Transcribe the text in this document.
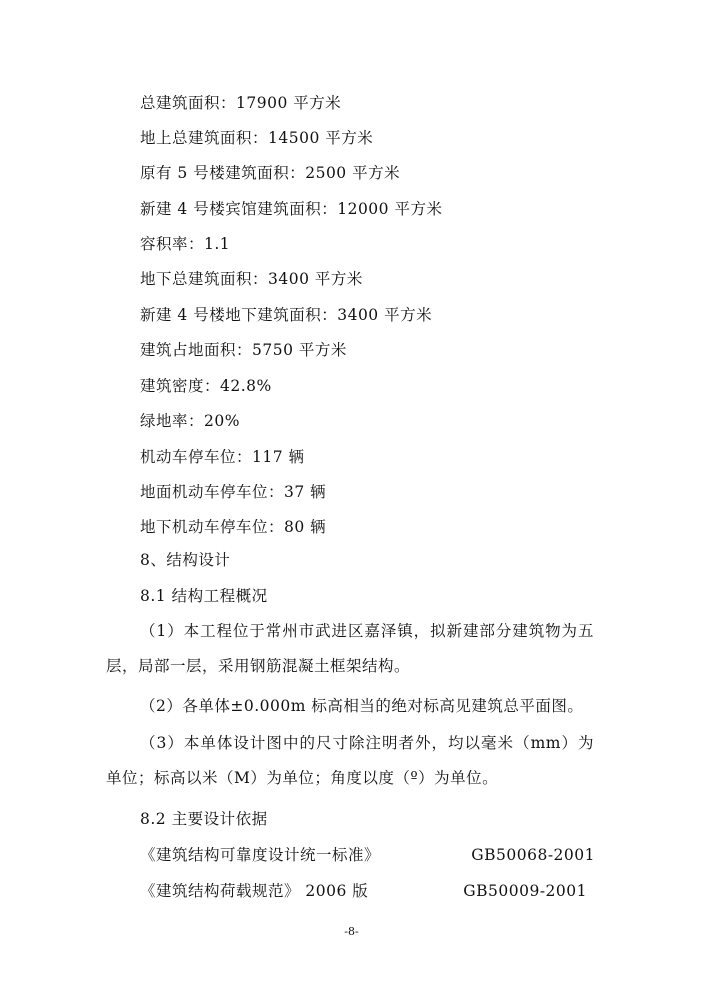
总建筑面积：17900 平方米
地上总建筑面积：14500 平方米
原有 5 号楼建筑面积：2500 平方米
新建 4 号楼宾馆建筑面积：12000 平方米
容积率：1.1
地下总建筑面积：3400 平方米
新建 4 号楼地下建筑面积：3400 平方米
建筑占地面积：5750 平方米
建筑密度：42.8%
绿地率：20%
机动车停车位：117 辆
地面机动车停车位：37 辆
地下机动车停车位：80 辆
8、结构设计
8.1 结构工程概况
（1）本工程位于常州市武进区嘉泽镇，拟新建部分建筑物为五层，局部一层，采用钢筋混凝土框架结构。
（2）各单体±0.000m 标高相当的绝对标高见建筑总平面图。
（3）本单体设计图中的尺寸除注明者外，均以毫米（mm）为单位；标高以米（M）为单位；角度以度（º）为单位。
8.2 主要设计依据
《建筑结构可靠度设计统一标准》	GB50068-2001
《建筑结构荷载规范》 2006 版	GB50009-2001
-8-
